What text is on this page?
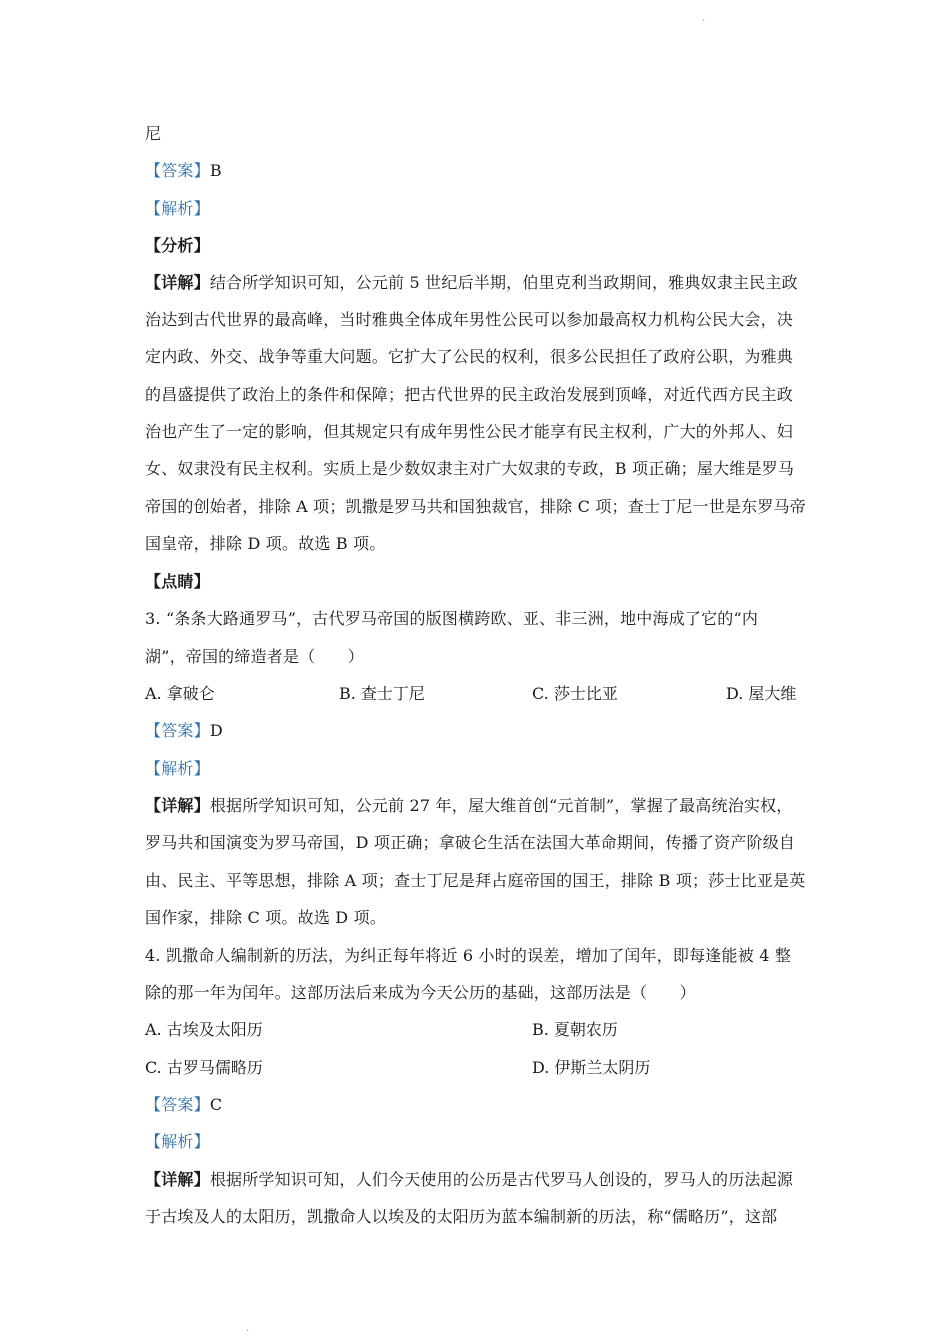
·
尼
【答案】B
【解析】
【分析】
【详解】结合所学知识可知，公元前 5 世纪后半期，伯里克利当政期间，雅典奴隶主民主政
治达到古代世界的最高峰，当时雅典全体成年男性公民可以参加最高权力机构公民大会，决
定内政、外交、战争等重大问题。它扩大了公民的权利，很多公民担任了政府公职，为雅典
的昌盛提供了政治上的条件和保障；把古代世界的民主政治发展到顶峰，对近代西方民主政
治也产生了一定的影响，但其规定只有成年男性公民才能享有民主权利，广大的外邦人、妇
女、奴隶没有民主权利。实质上是少数奴隶主对广大奴隶的专政，B 项正确；屋大维是罗马
帝国的创始者，排除 A 项；凯撒是罗马共和国独裁官，排除 C 项；查士丁尼一世是东罗马帝
国皇帝，排除 D 项。故选 B 项。
【点睛】
3. “条条大路通罗马”，古代罗马帝国的版图横跨欧、亚、非三洲，地中海成了它的“内
湖”，帝国的缔造者是（　　）
A. 拿破仑	B. 查士丁尼	C. 莎士比亚	D. 屋大维
【答案】D
【解析】
【详解】根据所学知识可知，公元前 27 年，屋大维首创“元首制”，掌握了最高统治实权，
罗马共和国演变为罗马帝国，D 项正确；拿破仑生活在法国大革命期间，传播了资产阶级自
由、民主、平等思想，排除 A 项；查士丁尼是拜占庭帝国的国王，排除 B 项；莎士比亚是英
国作家，排除 C 项。故选 D 项。
4. 凯撒命人编制新的历法，为纠正每年将近 6 小时的误差，增加了闰年，即每逢能被 4 整
除的那一年为闰年。这部历法后来成为今天公历的基础，这部历法是（　　）
A. 古埃及太阳历	B. 夏朝农历
C. 古罗马儒略历	D. 伊斯兰太阴历
【答案】C
【解析】
【详解】根据所学知识可知，人们今天使用的公历是古代罗马人创设的，罗马人的历法起源
于古埃及人的太阳历，凯撒命人以埃及的太阳历为蓝本编制新的历法，称“儒略历”，这部
·
